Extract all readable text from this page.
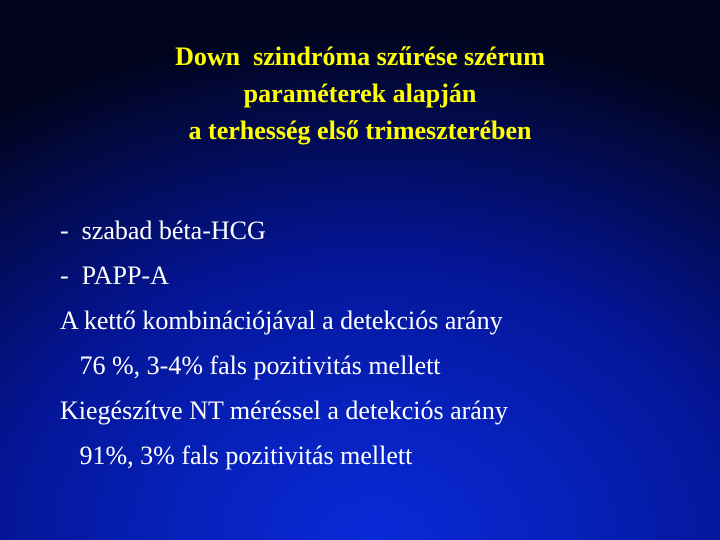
Down  szindróma szűrése szérum
paraméterek alapján
a terhesség első trimeszterében
-  szabad béta-HCG
-  PAPP-A
A kettő kombinációjával a detekciós arány
76 %, 3-4% fals pozitivitás mellett
Kiegészítve NT méréssel a detekciós arány
91%, 3% fals pozitivitás mellett
